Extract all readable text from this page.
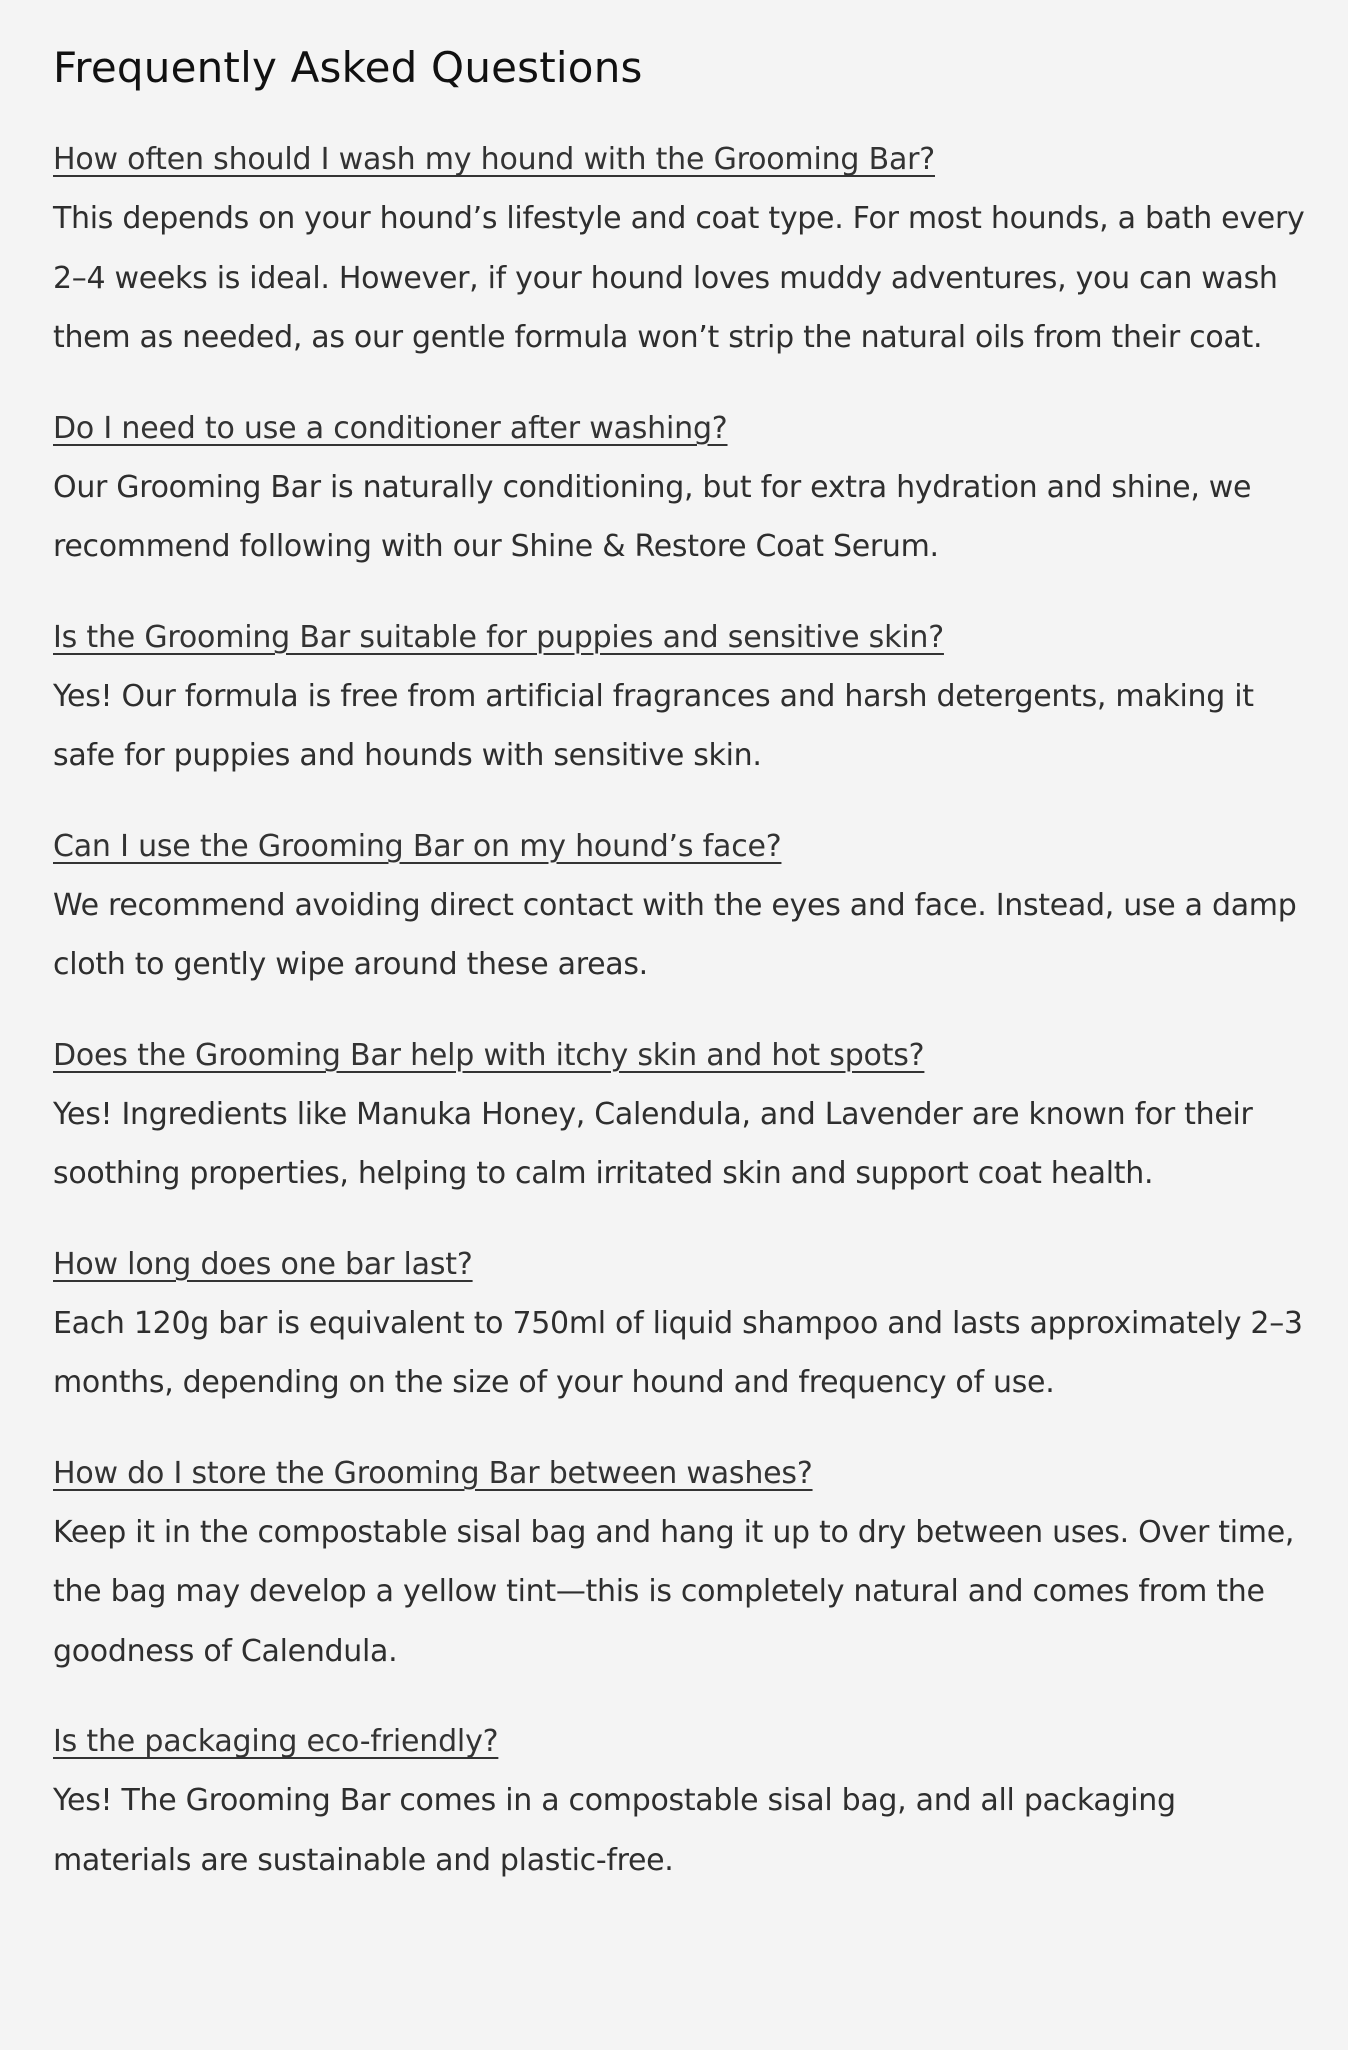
Frequently Asked Questions
How often should I wash my hound with the Grooming Bar?

This depends on your hound’s lifestyle and coat type. For most hounds, a bath every 2–4 weeks is ideal. However, if your hound loves muddy adventures, you can wash them as needed, as our gentle formula won’t strip the natural oils from their coat.

Do I need to use a conditioner after washing?

Our Grooming Bar is naturally conditioning, but for extra hydration and shine, we recommend following with our Shine & Restore Coat Serum.

Is the Grooming Bar suitable for puppies and sensitive skin?

Yes! Our formula is free from artificial fragrances and harsh detergents, making it safe for puppies and hounds with sensitive skin.

Can I use the Grooming Bar on my hound’s face?

We recommend avoiding direct contact with the eyes and face. Instead, use a damp cloth to gently wipe around these areas.

Does the Grooming Bar help with itchy skin and hot spots?

Yes! Ingredients like Manuka Honey, Calendula, and Lavender are known for their soothing properties, helping to calm irritated skin and support coat health.

How long does one bar last?

Each 120g bar is equivalent to 750ml of liquid shampoo and lasts approximately 2–3 months, depending on the size of your hound and frequency of use.

How do I store the Grooming Bar between washes?

Keep it in the compostable sisal bag and hang it up to dry between uses. Over time, the bag may develop a yellow tint—this is completely natural and comes from the goodness of Calendula.

Is the packaging eco-friendly?

Yes! The Grooming Bar comes in a compostable sisal bag, and all packaging materials are sustainable and plastic-free.
